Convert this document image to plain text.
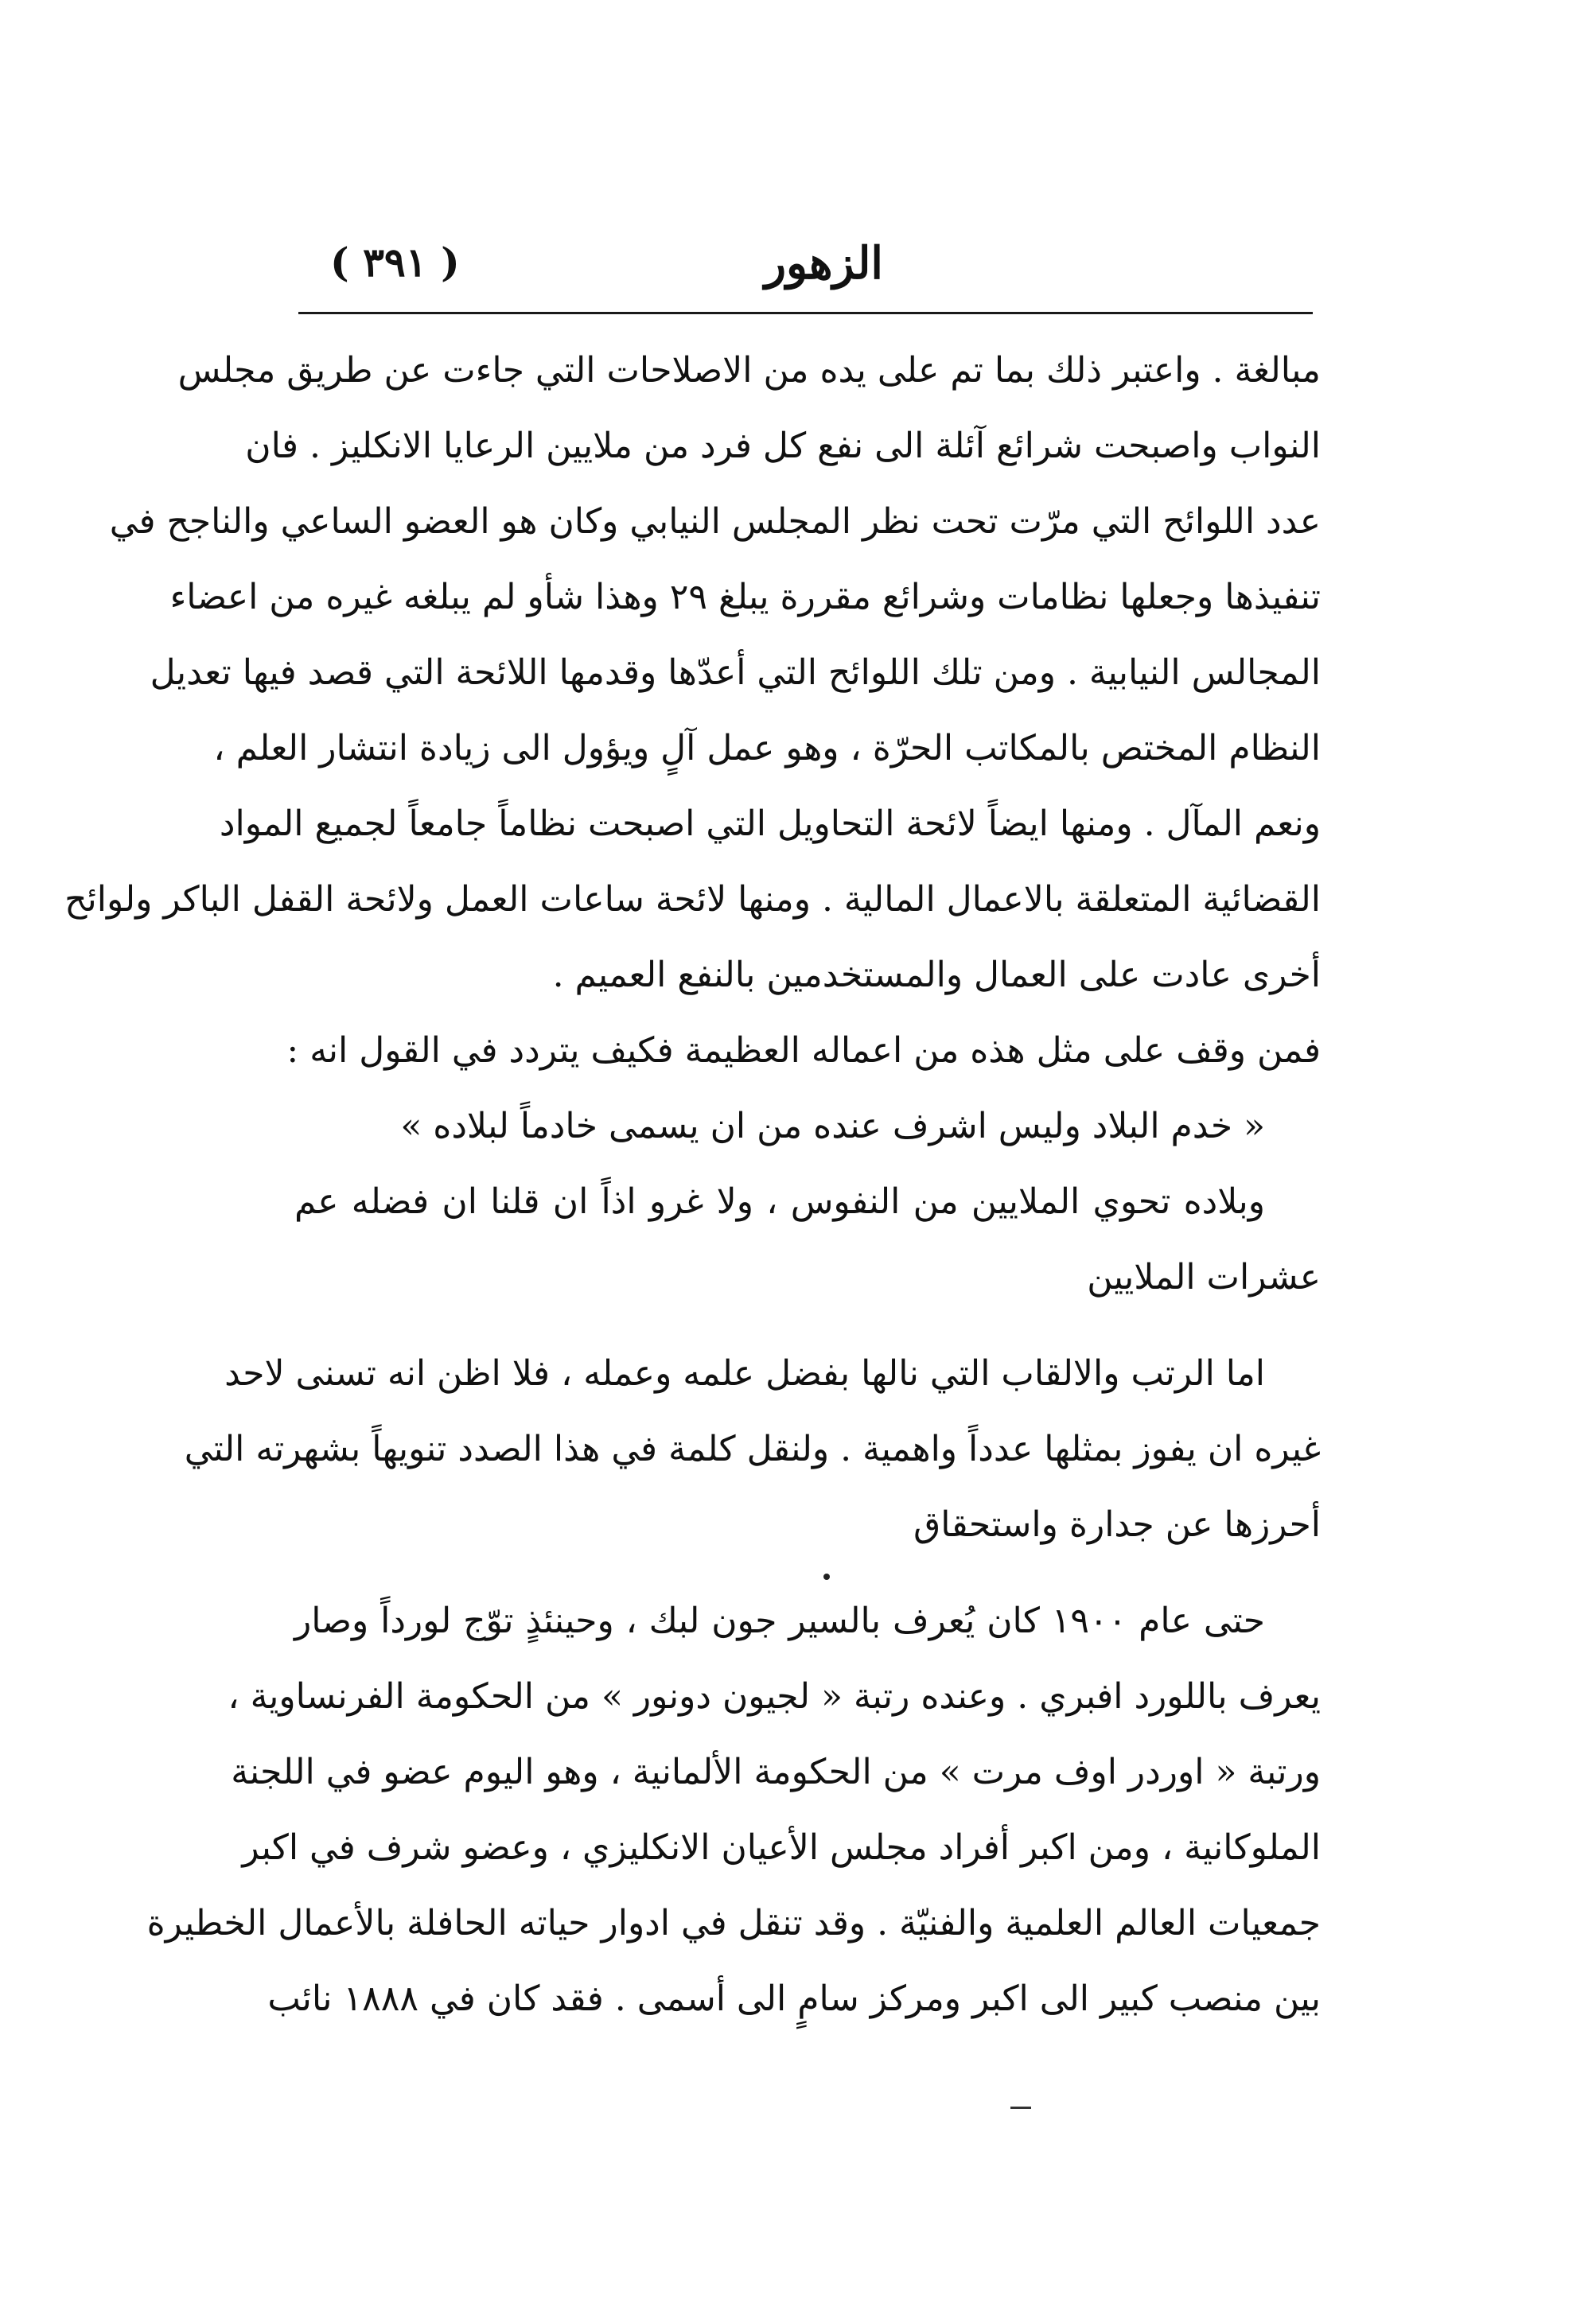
الزهور
( ٣٩١ )
مبالغة . واعتبر ذلك بما تم على يده من الاصلاحات التي جاءت عن طريق مجلس
النواب واصبحت شرائع آئلة الى نفع كل فرد من ملايين الرعايا الانكليز . فان
عدد اللوائح التي مرّت تحت نظر المجلس النيابي وكان هو العضو الساعي والناجح في
تنفيذها وجعلها نظامات وشرائع مقررة يبلغ ٢٩ وهذا شأو لم يبلغه غيره من اعضاء
المجالس النيابية . ومن تلك اللوائح التي أعدّها وقدمها اللائحة التي قصد فيها تعديل
النظام المختص بالمكاتب الحرّة ، وهو عمل آلٍ ويؤول الى زيادة انتشار العلم ،
ونعم المآل . ومنها ايضاً لائحة التحاويل التي اصبحت نظاماً جامعاً لجميع المواد
القضائية المتعلقة بالاعمال المالية . ومنها لائحة ساعات العمل ولائحة القفل الباكر ولوائح
أخرى عادت على العمال والمستخدمين بالنفع العميم .
فمن وقف على مثل هذه من اعماله العظيمة فكيف يتردد في القول انه :
« خدم البلاد وليس اشرف عنده من ان يسمى خادماً لبلاده »
وبلاده تحوي الملايين من النفوس ، ولا غرو اذاً ان قلنا ان فضله عم
عشرات الملايين
اما الرتب والالقاب التي نالها بفضل علمه وعمله ، فلا اظن انه تسنى لاحد
غيره ان يفوز بمثلها عدداً واهمية . ولنقل كلمة في هذا الصدد تنويهاً بشهرته التي
أحرزها عن جدارة واستحقاق
حتى عام ١٩٠٠ كان يُعرف بالسير جون لبك ، وحينئذٍ توّج لورداً وصار
يعرف باللورد افبري . وعنده رتبة « لجيون دونور » من الحكومة الفرنساوية ،
ورتبة « اوردر اوف مرت » من الحكومة الألمانية ، وهو اليوم عضو في اللجنة
الملوكانية ، ومن اكبر أفراد مجلس الأعيان الانكليزي ، وعضو شرف في اكبر
جمعيات العالم العلمية والفنيّة . وقد تنقل في ادوار حياته الحافلة بالأعمال الخطيرة
بين منصب كبير الى اكبر ومركز سامٍ الى أسمى . فقد كان في ١٨٨٨ نائب
